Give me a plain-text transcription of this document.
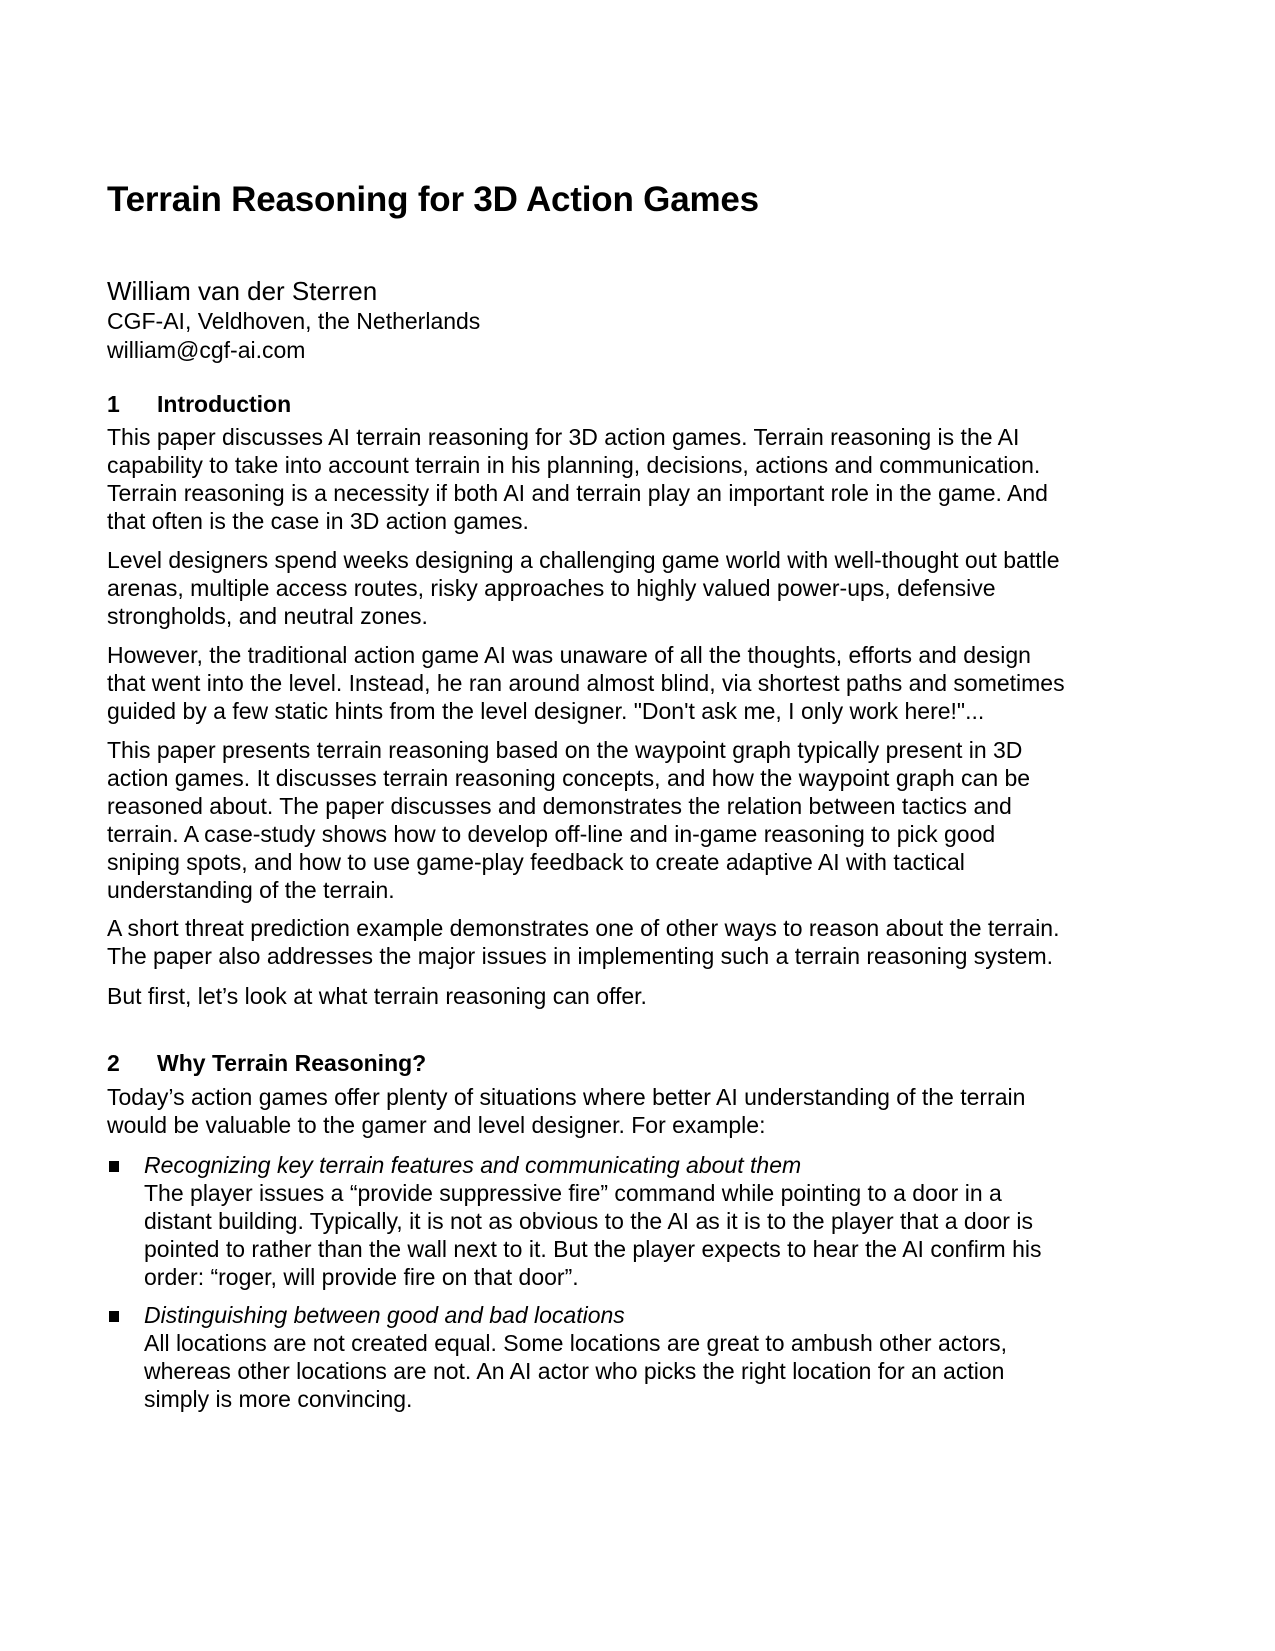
Terrain Reasoning for 3D Action Games
William van der Sterren
CGF-AI, Veldhoven, the Netherlands
william@cgf-ai.com
1 Introduction
This paper discusses AI terrain reasoning for 3D action games. Terrain reasoning is the AI
capability to take into account terrain in his planning, decisions, actions and communication.
Terrain reasoning is a necessity if both AI and terrain play an important role in the game. And
that often is the case in 3D action games.
Level designers spend weeks designing a challenging game world with well-thought out battle
arenas, multiple access routes, risky approaches to highly valued power-ups, defensive
strongholds, and neutral zones.
However, the traditional action game AI was unaware of all the thoughts, efforts and design
that went into the level. Instead, he ran around almost blind, via shortest paths and sometimes
guided by a few static hints from the level designer. "Don't ask me, I only work here!"...
This paper presents terrain reasoning based on the waypoint graph typically present in 3D
action games. It discusses terrain reasoning concepts, and how the waypoint graph can be
reasoned about. The paper discusses and demonstrates the relation between tactics and
terrain. A case-study shows how to develop off-line and in-game reasoning to pick good
sniping spots, and how to use game-play feedback to create adaptive AI with tactical
understanding of the terrain.
A short threat prediction example demonstrates one of other ways to reason about the terrain.
The paper also addresses the major issues in implementing such a terrain reasoning system.
But first, let’s look at what terrain reasoning can offer.
2 Why Terrain Reasoning?
Today’s action games offer plenty of situations where better AI understanding of the terrain
would be valuable to the gamer and level designer. For example:
Recognizing key terrain features and communicating about them
The player issues a “provide suppressive fire” command while pointing to a door in a
distant building. Typically, it is not as obvious to the AI as it is to the player that a door is
pointed to rather than the wall next to it. But the player expects to hear the AI confirm his
order: “roger, will provide fire on that door”.
Distinguishing between good and bad locations
All locations are not created equal. Some locations are great to ambush other actors,
whereas other locations are not. An AI actor who picks the right location for an action
simply is more convincing.
